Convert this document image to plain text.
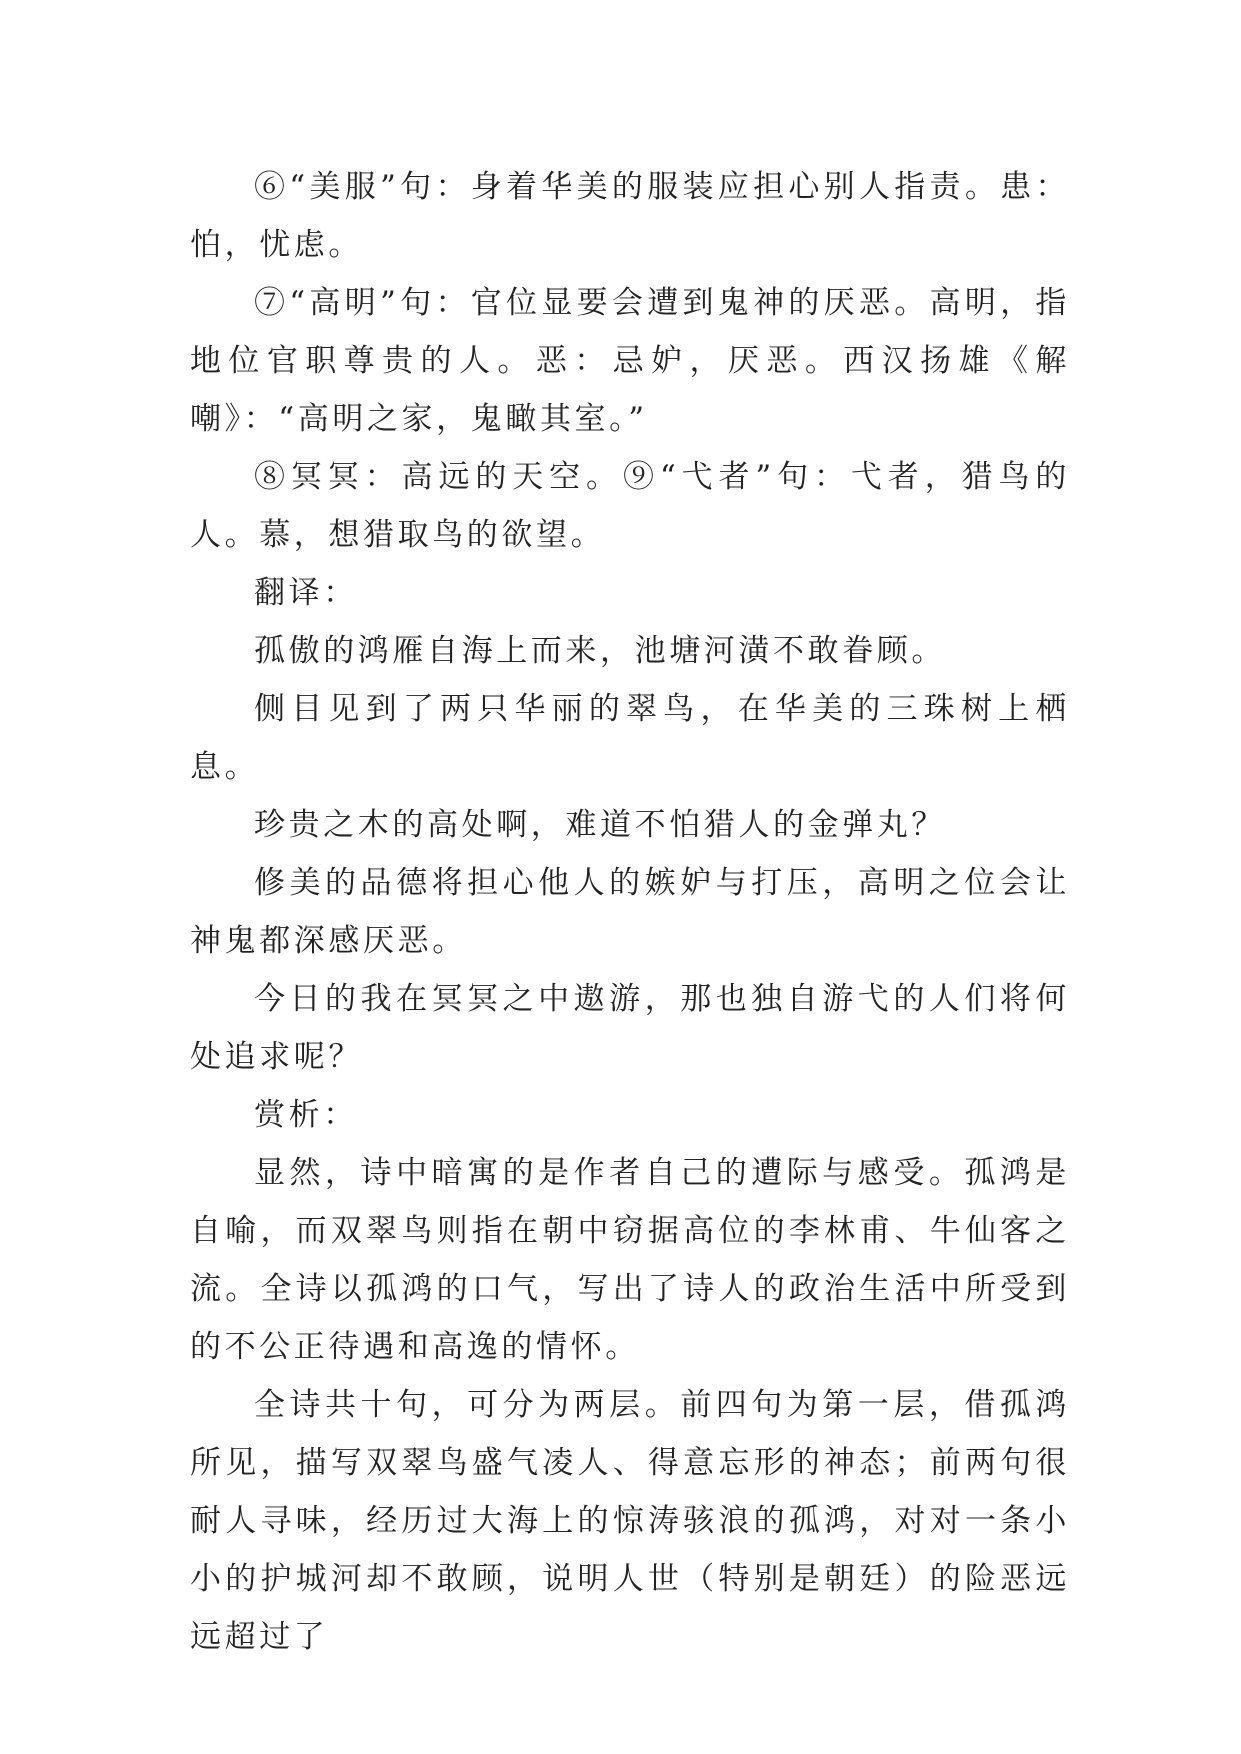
⑥“美服”句：身着华美的服装应担心别人指责。患：怕，忧虑。

⑦“高明”句：官位显要会遭到鬼神的厌恶。高明，指地位官职尊贵的人。恶：忌妒，厌恶。西汉扬雄《解嘲》：“高明之家，鬼瞰其室。”

⑧冥冥：高远的天空。⑨“弋者”句：弋者，猎鸟的人。慕，想猎取鸟的欲望。

翻译：

孤傲的鸿雁自海上而来，池塘河潢不敢眷顾。

侧目见到了两只华丽的翠鸟，在华美的三珠树上栖息。

珍贵之木的高处啊，难道不怕猎人的金弹丸？

修美的品德将担心他人的嫉妒与打压，高明之位会让神鬼都深感厌恶。

今日的我在冥冥之中遨游，那也独自游弋的人们将何处追求呢？

赏析：

显然，诗中暗寓的是作者自己的遭际与感受。孤鸿是自喻，而双翠鸟则指在朝中窃据高位的李林甫、牛仙客之流。全诗以孤鸿的口气，写出了诗人的政治生活中所受到的不公正待遇和高逸的情怀。

全诗共十句，可分为两层。前四句为第一层，借孤鸿所见，描写双翠鸟盛气凌人、得意忘形的神态；前两句很耐人寻味，经历过大海上的惊涛骇浪的孤鸿，对对一条小小的护城河却不敢顾，说明人世（特别是朝廷）的险恶远远超过了
